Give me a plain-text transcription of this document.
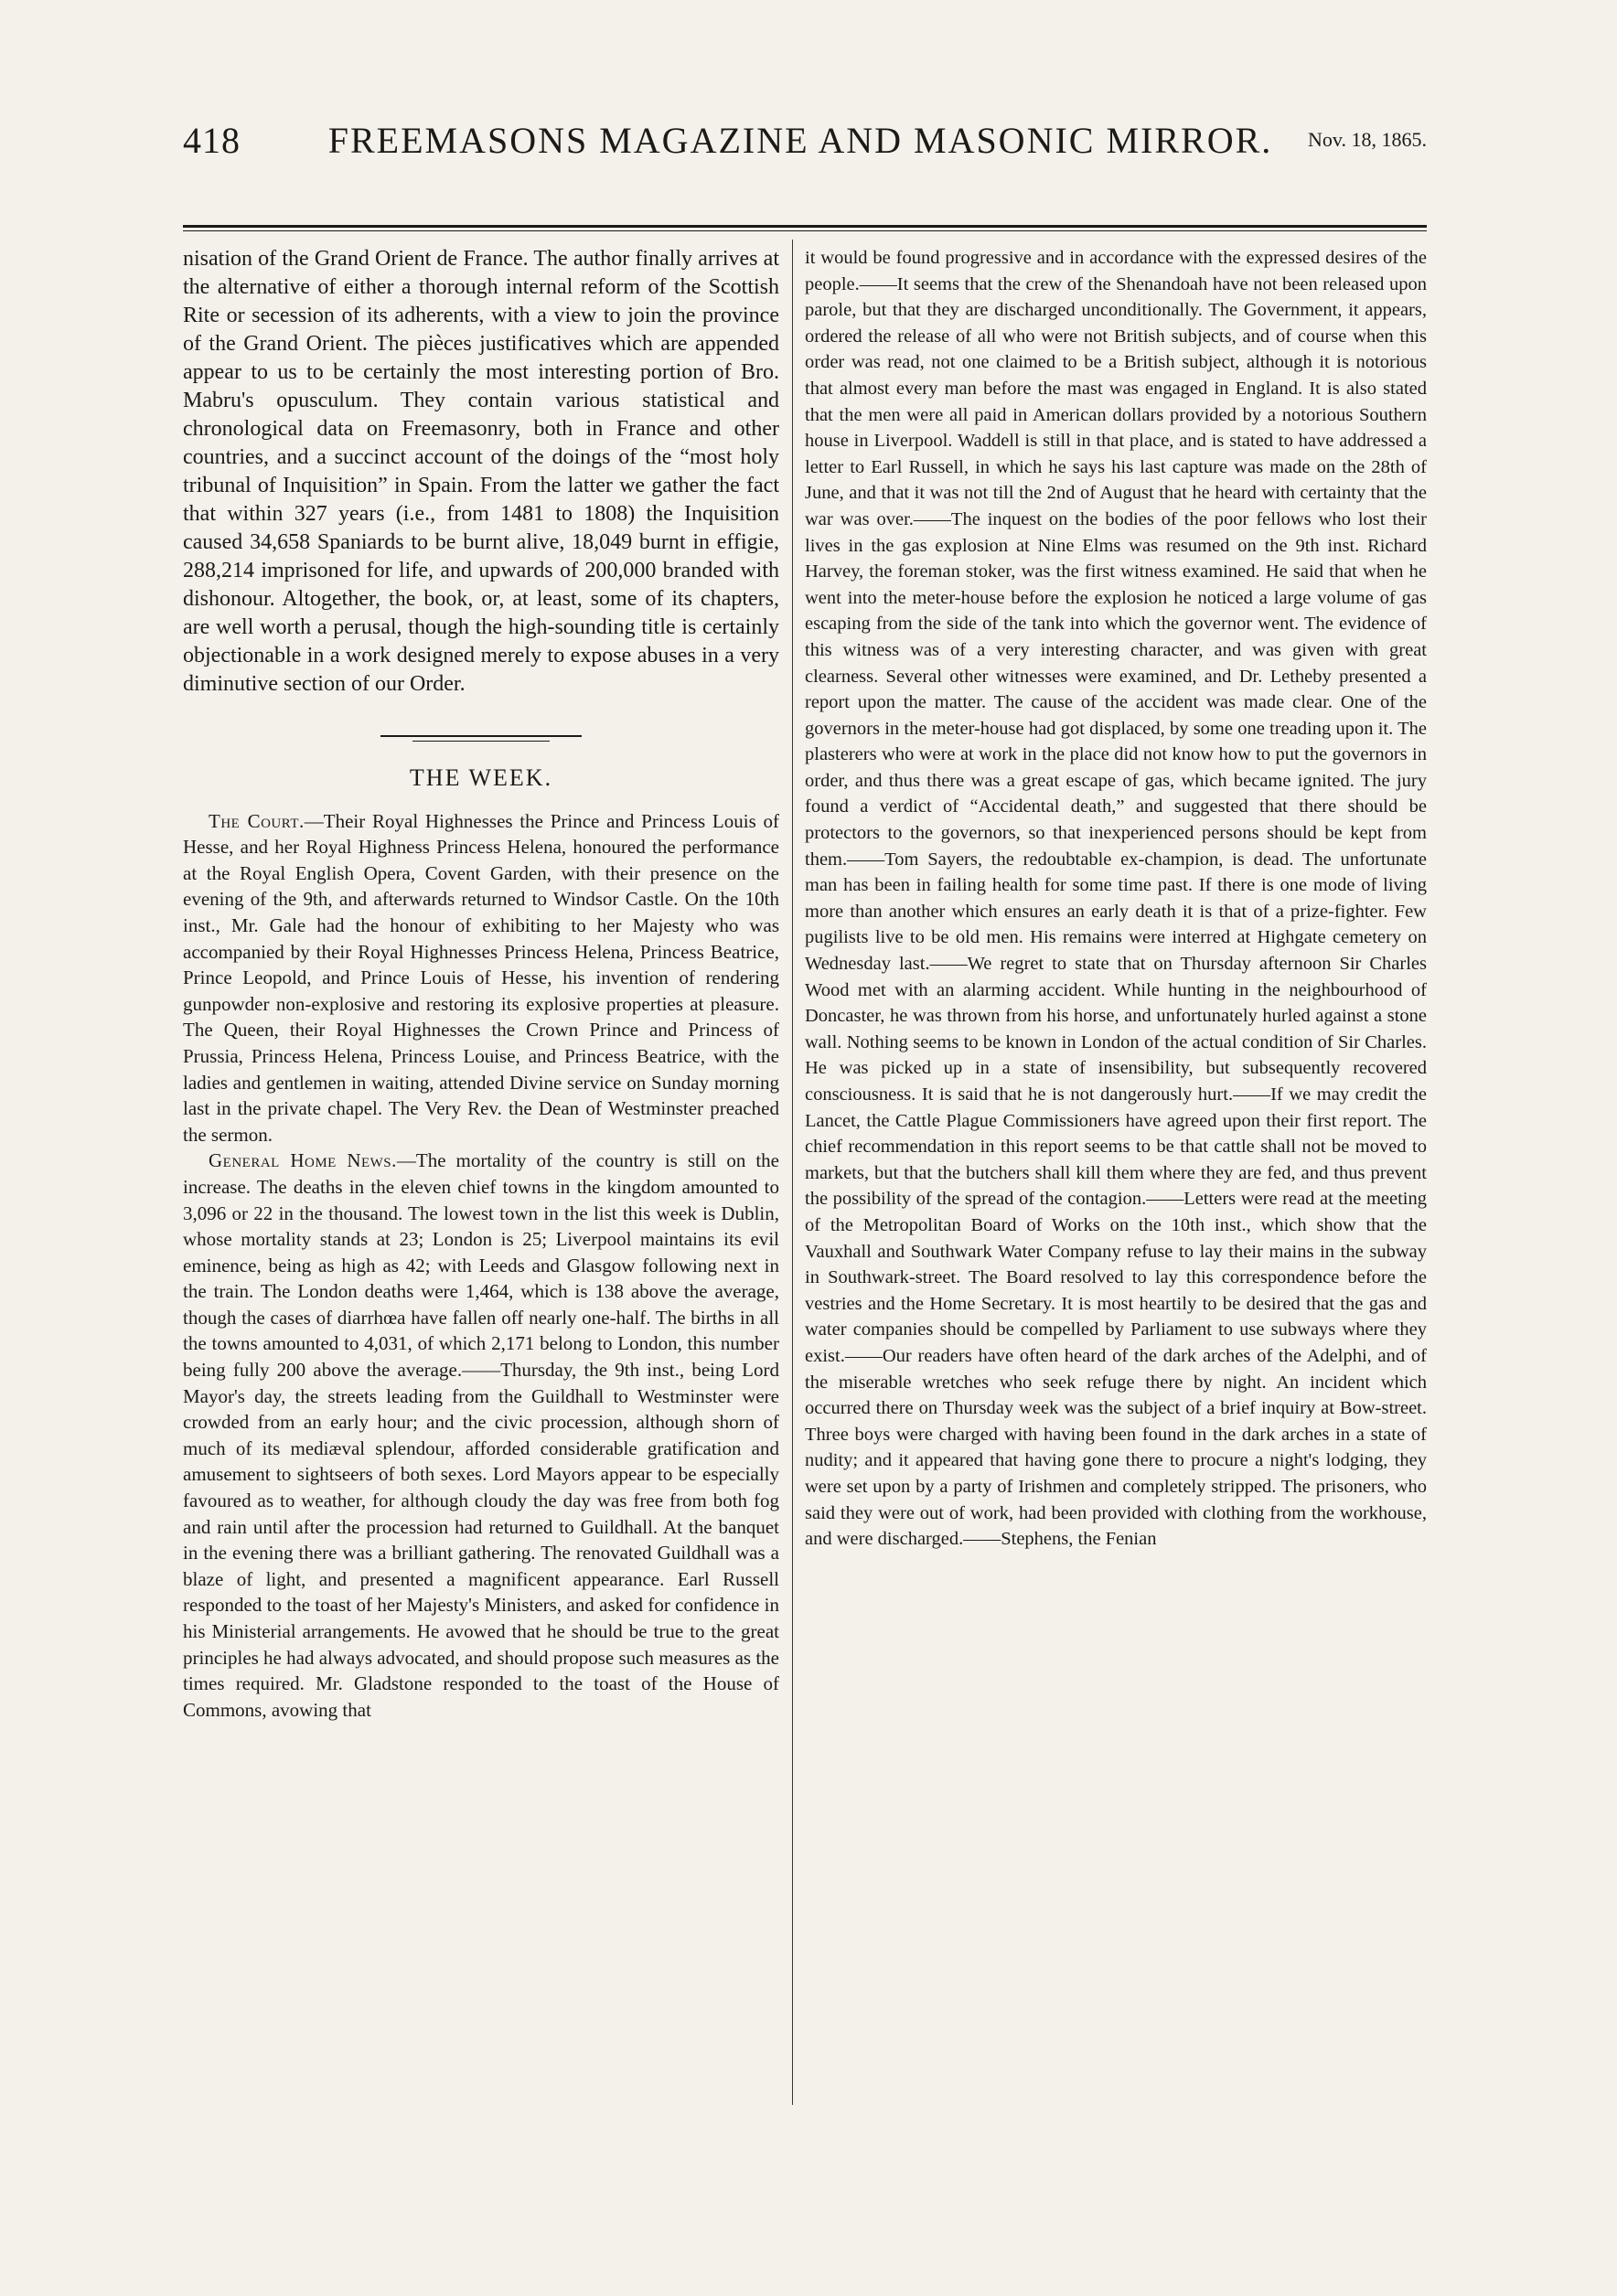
418	FREEMASONS MAGAZINE AND MASONIC MIRROR.	Nov. 18, 1865.

nisation of the Grand Orient de France. The author finally arrives at the alternative of either a thorough internal reform of the Scottish Rite or secession of its adherents, with a view to join the province of the Grand Orient. The pièces justificatives which are appended appear to us to be certainly the most interesting portion of Bro. Mabru's opusculum. They contain various statistical and chronological data on Freemasonry, both in France and other countries, and a succinct account of the doings of the “most holy tribunal of Inquisition” in Spain. From the latter we gather the fact that within 327 years (i.e., from 1481 to 1808) the Inquisition caused 34,658 Spaniards to be burnt alive, 18,049 burnt in effigie, 288,214 imprisoned for life, and upwards of 200,000 branded with dishonour. Altogether, the book, or, at least, some of its chapters, are well worth a perusal, though the high-sounding title is certainly objectionable in a work designed merely to expose abuses in a very diminutive section of our Order.

THE WEEK.

The Court.—Their Royal Highnesses the Prince and Princess Louis of Hesse, and her Royal Highness Princess Helena, honoured the performance at the Royal English Opera, Covent Garden, with their presence on the evening of the 9th, and afterwards returned to Windsor Castle. On the 10th inst., Mr. Gale had the honour of exhibiting to her Majesty who was accompanied by their Royal Highnesses Princess Helena, Princess Beatrice, Prince Leopold, and Prince Louis of Hesse, his invention of rendering gunpowder non-explosive and restoring its explosive properties at pleasure. The Queen, their Royal Highnesses the Crown Prince and Princess of Prussia, Princess Helena, Princess Louise, and Princess Beatrice, with the ladies and gentlemen in waiting, attended Divine service on Sunday morning last in the private chapel. The Very Rev. the Dean of Westminster preached the sermon.

General Home News.—The mortality of the country is still on the increase. The deaths in the eleven chief towns in the kingdom amounted to 3,096 or 22 in the thousand. The lowest town in the list this week is Dublin, whose mortality stands at 23; London is 25; Liverpool maintains its evil eminence, being as high as 42; with Leeds and Glasgow following next in the train. The London deaths were 1,464, which is 138 above the average, though the cases of diarrhœa have fallen off nearly one-half. The births in all the towns amounted to 4,031, of which 2,171 belong to London, this number being fully 200 above the average.——Thursday, the 9th inst., being Lord Mayor's day, the streets leading from the Guildhall to Westminster were crowded from an early hour; and the civic procession, although shorn of much of its mediæval splendour, afforded considerable gratification and amusement to sightseers of both sexes. Lord Mayors appear to be especially favoured as to weather, for although cloudy the day was free from both fog and rain until after the procession had returned to Guildhall. At the banquet in the evening there was a brilliant gathering. The renovated Guildhall was a blaze of light, and presented a magnificent appearance. Earl Russell responded to the toast of her Majesty's Ministers, and asked for confidence in his Ministerial arrangements. He avowed that he should be true to the great principles he had always advocated, and should propose such measures as the times required. Mr. Gladstone responded to the toast of the House of Commons, avowing that

it would be found progressive and in accordance with the expressed desires of the people.——It seems that the crew of the Shenandoah have not been released upon parole, but that they are discharged unconditionally. The Government, it appears, ordered the release of all who were not British subjects, and of course when this order was read, not one claimed to be a British subject, although it is notorious that almost every man before the mast was engaged in England. It is also stated that the men were all paid in American dollars provided by a notorious Southern house in Liverpool. Waddell is still in that place, and is stated to have addressed a letter to Earl Russell, in which he says his last capture was made on the 28th of June, and that it was not till the 2nd of August that he heard with certainty that the war was over.——The inquest on the bodies of the poor fellows who lost their lives in the gas explosion at Nine Elms was resumed on the 9th inst. Richard Harvey, the foreman stoker, was the first witness examined. He said that when he went into the meter-house before the explosion he noticed a large volume of gas escaping from the side of the tank into which the governor went. The evidence of this witness was of a very interesting character, and was given with great clearness. Several other witnesses were examined, and Dr. Letheby presented a report upon the matter. The cause of the accident was made clear. One of the governors in the meter-house had got displaced, by some one treading upon it. The plasterers who were at work in the place did not know how to put the governors in order, and thus there was a great escape of gas, which became ignited. The jury found a verdict of “Accidental death,” and suggested that there should be protectors to the governors, so that inexperienced persons should be kept from them.——Tom Sayers, the redoubtable ex-champion, is dead. The unfortunate man has been in failing health for some time past. If there is one mode of living more than another which ensures an early death it is that of a prize-fighter. Few pugilists live to be old men. His remains were interred at Highgate cemetery on Wednesday last.——We regret to state that on Thursday afternoon Sir Charles Wood met with an alarming accident. While hunting in the neighbourhood of Doncaster, he was thrown from his horse, and unfortunately hurled against a stone wall. Nothing seems to be known in London of the actual condition of Sir Charles. He was picked up in a state of insensibility, but subsequently recovered consciousness. It is said that he is not dangerously hurt.——If we may credit the Lancet, the Cattle Plague Commissioners have agreed upon their first report. The chief recommendation in this report seems to be that cattle shall not be moved to markets, but that the butchers shall kill them where they are fed, and thus prevent the possibility of the spread of the contagion.——Letters were read at the meeting of the Metropolitan Board of Works on the 10th inst., which show that the Vauxhall and Southwark Water Company refuse to lay their mains in the subway in Southwark-street. The Board resolved to lay this correspondence before the vestries and the Home Secretary. It is most heartily to be desired that the gas and water companies should be compelled by Parliament to use subways where they exist.——Our readers have often heard of the dark arches of the Adelphi, and of the miserable wretches who seek refuge there by night. An incident which occurred there on Thursday week was the subject of a brief inquiry at Bow-street. Three boys were charged with having been found in the dark arches in a state of nudity; and it appeared that having gone there to procure a night's lodging, they were set upon by a party of Irishmen and completely stripped. The prisoners, who said they were out of work, had been provided with clothing from the workhouse, and were discharged.——Stephens, the Fenian
